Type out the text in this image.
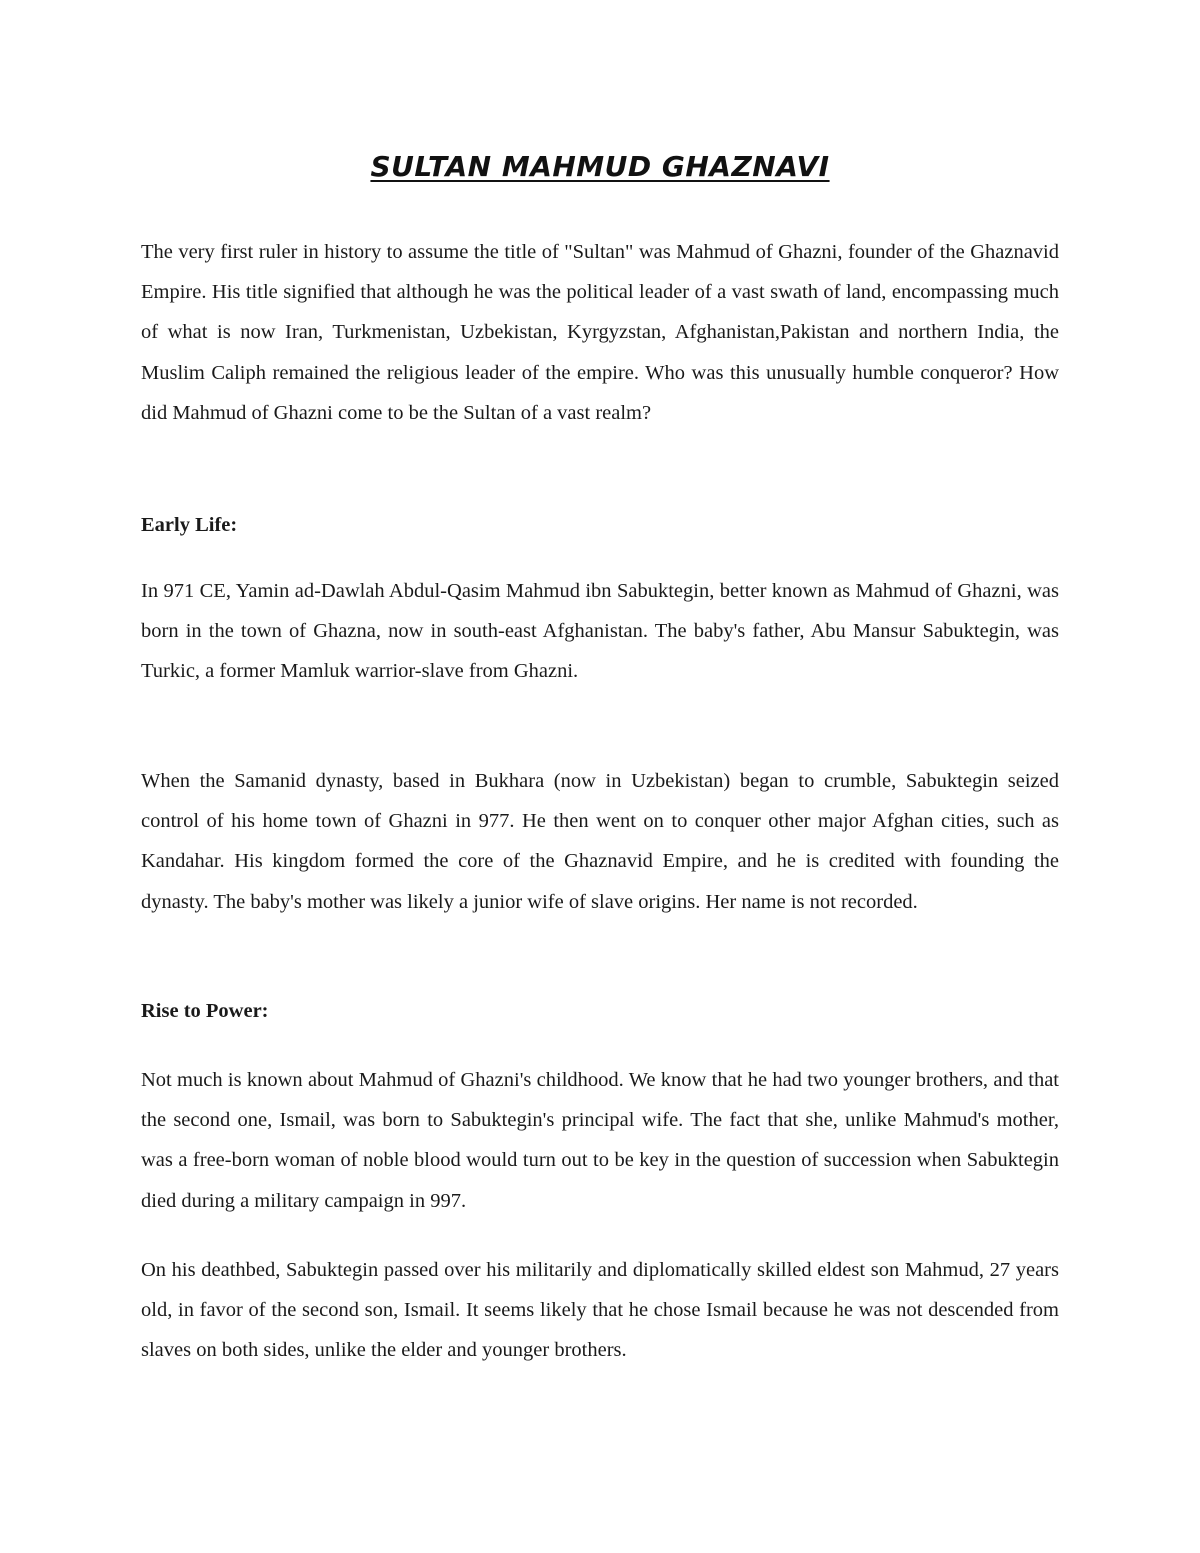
SULTAN MAHMUD GHAZNAVI

The very first ruler in history to assume the title of "Sultan" was Mahmud of Ghazni, founder of the Ghaznavid Empire. His title signified that although he was the political leader of a vast swath of land, encompassing much of what is now Iran, Turkmenistan, Uzbekistan, Kyrgyzstan, Afghanistan,Pakistan and northern India, the Muslim Caliph remained the religious leader of the empire. Who was this unusually humble conqueror? How did Mahmud of Ghazni come to be the Sultan of a vast realm?

Early Life:

In 971 CE, Yamin ad-Dawlah Abdul-Qasim Mahmud ibn Sabuktegin, better known as Mahmud of Ghazni, was born in the town of Ghazna, now in south-east Afghanistan. The baby's father, Abu Mansur Sabuktegin, was Turkic, a former Mamluk warrior-slave from Ghazni.

When the Samanid dynasty, based in Bukhara (now in Uzbekistan) began to crumble, Sabuktegin seized control of his home town of Ghazni in 977. He then went on to conquer other major Afghan cities, such as Kandahar. His kingdom formed the core of the Ghaznavid Empire, and he is credited with founding the dynasty. The baby's mother was likely a junior wife of slave origins. Her name is not recorded.

Rise to Power:

Not much is known about Mahmud of Ghazni's childhood. We know that he had two younger brothers, and that the second one, Ismail, was born to Sabuktegin's principal wife. The fact that she, unlike Mahmud's mother, was a free-born woman of noble blood would turn out to be key in the question of succession when Sabuktegin died during a military campaign in 997.

On his deathbed, Sabuktegin passed over his militarily and diplomatically skilled eldest son Mahmud, 27 years old, in favor of the second son, Ismail. It seems likely that he chose Ismail because he was not descended from slaves on both sides, unlike the elder and younger brothers.
